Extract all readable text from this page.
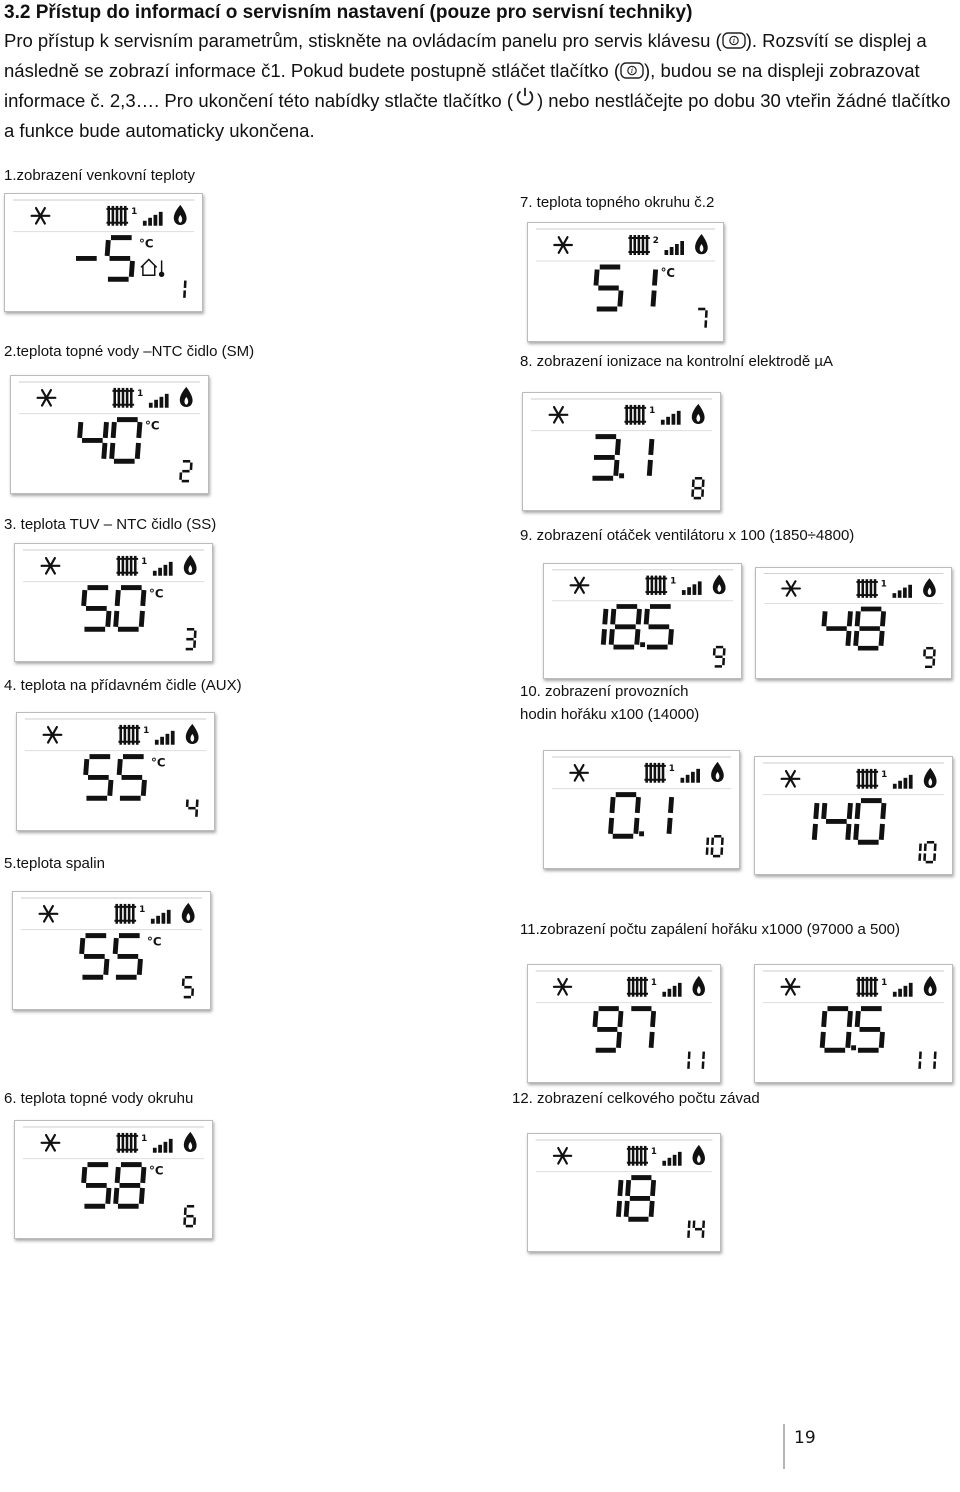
3.2 Přístup do informací o servisním nastavení (pouze pro servisní techniky)

Pro přístup k servisním parametrům, stiskněte na ovládacím panelu pro servis klávesu ( i ). Rozsvítí se displej a následně se zobrazí informace č1. Pokud budete postupně stláčet tlačítko ( i ), budou se na displeji zobrazovat informace č. 2,3…. Pro ukončení této nabídky stlačte tlačítko ( ) nebo nestláčejte po dobu 30 vteřin žádné tlačítko a funkce bude automaticky ukončena.

1.zobrazení venkovní teploty
2.teplota topné vody –NTC čidlo (SM)
3. teplota TUV – NTC čidlo (SS)
4. teplota na přídavném čidle (AUX)
5.teplota spalin
6. teplota topné vody okruhu
7. teplota topného okruhu č.2
8. zobrazení ionizace na kontrolní elektrodě µA
9. zobrazení otáček ventilátoru x 100 (1850÷4800)
10. zobrazení provozních
hodin hořáku x100 (14000)
11.zobrazení počtu zapálení hořáku x1000 (97000 a 500)
12. zobrazení celkového počtu závad
1
°C
1
°C
1
°C
1
°C
1
°C
1
°C
2
°C
1
1	1
1
1
1	1
1
19
